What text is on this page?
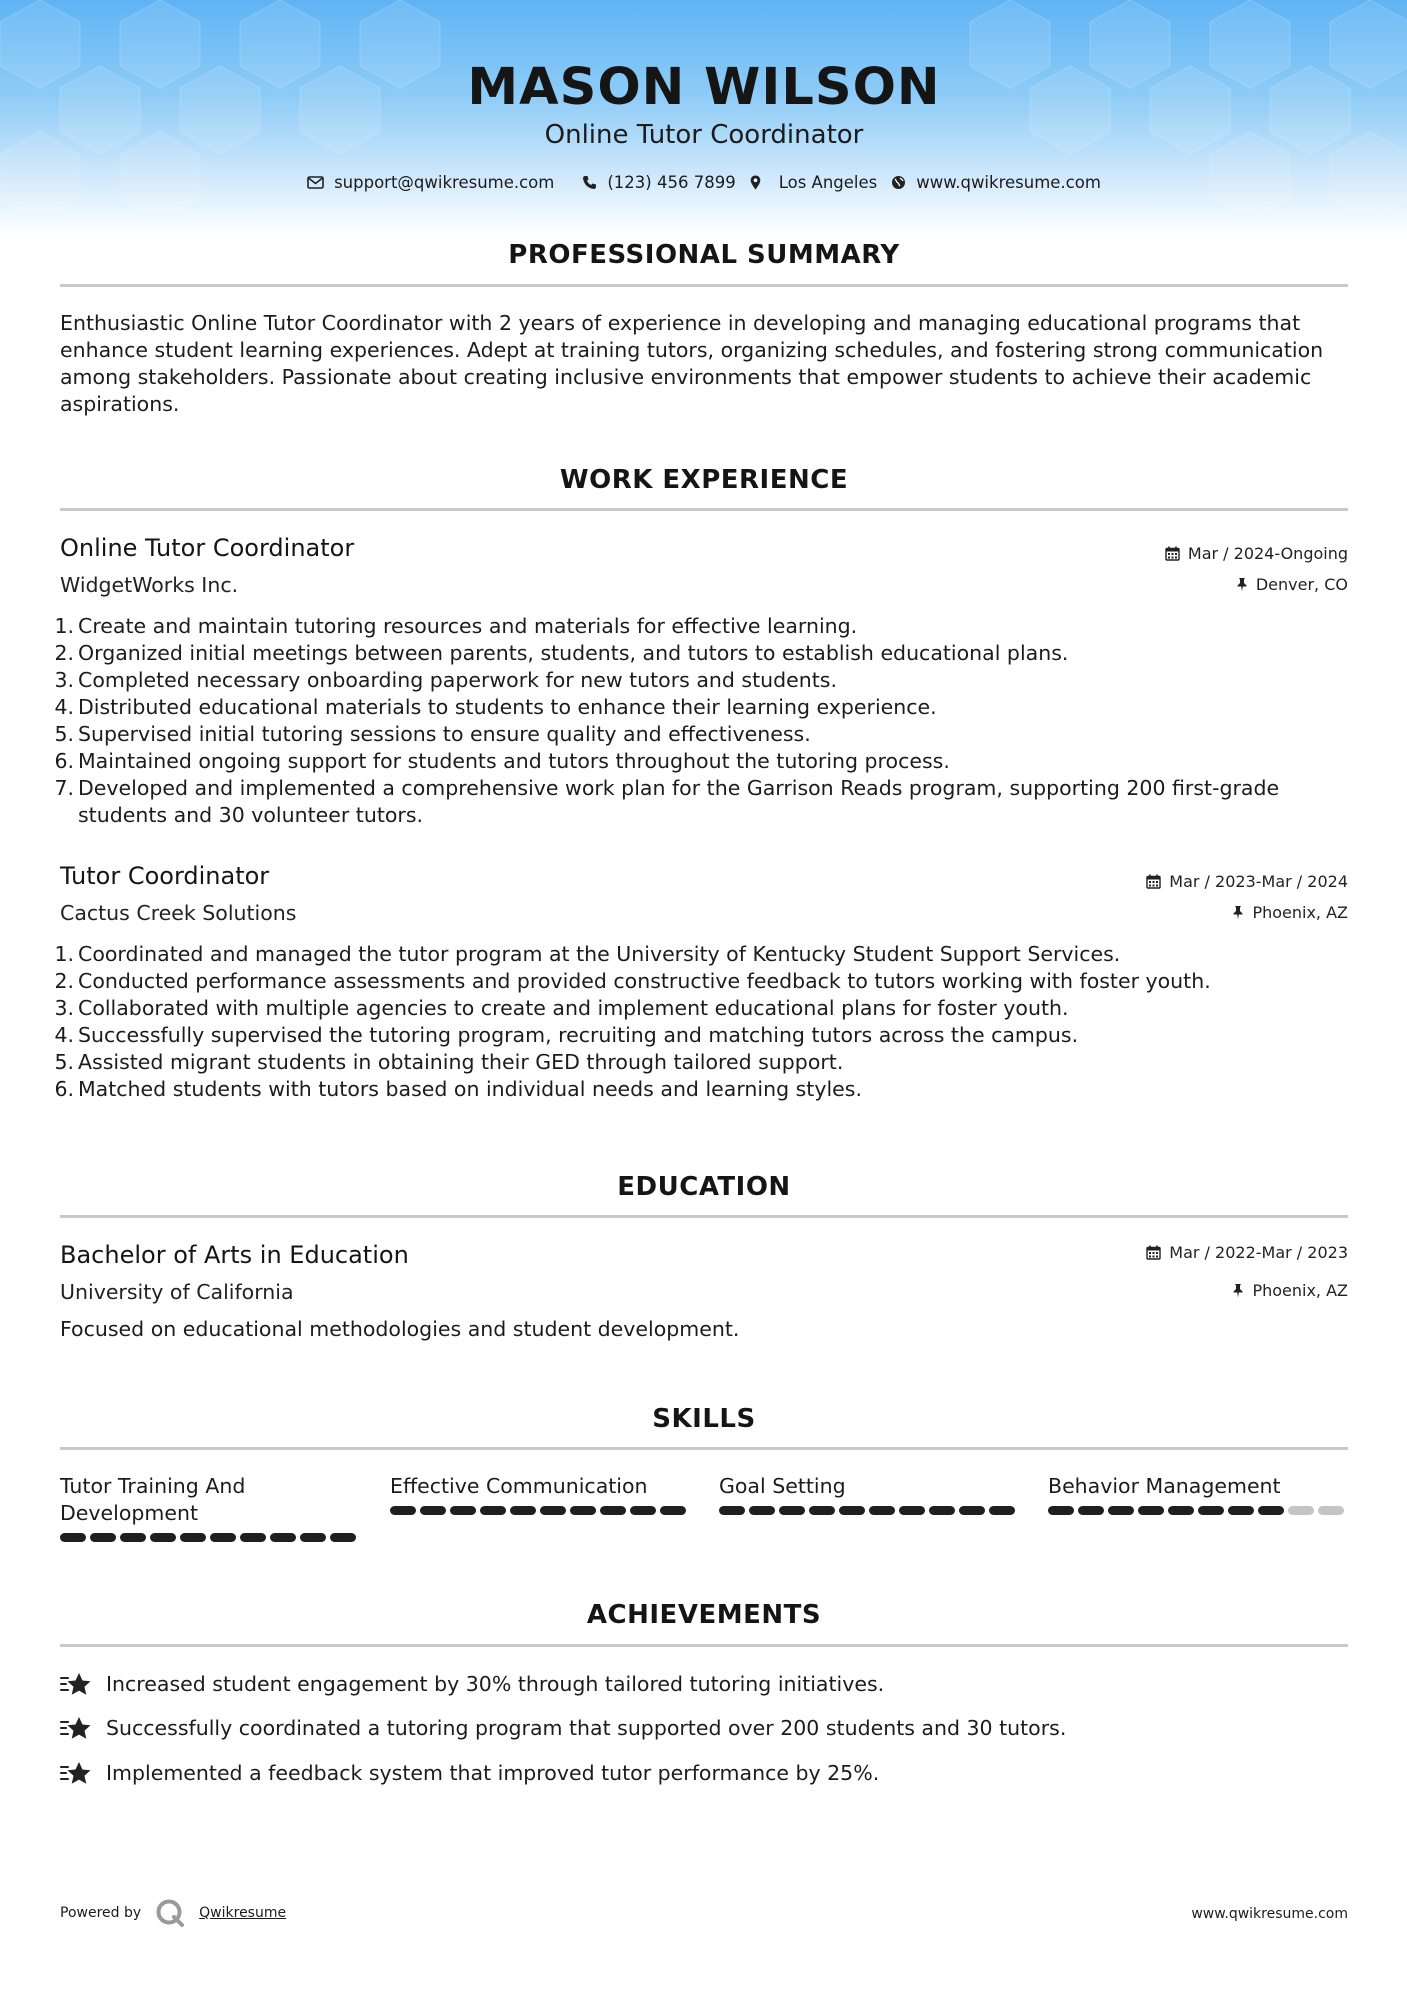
MASON WILSON
Online Tutor Coordinator
support@qwikresume.com	(123) 456 7899	Los Angeles www.qwikresume.com
PROFESSIONAL SUMMARY
Enthusiastic Online Tutor Coordinator with 2 years of experience in developing and managing educational programs that enhance student learning experiences. Adept at training tutors, organizing schedules, and fostering strong communication among stakeholders. Passionate about creating inclusive environments that empower students to achieve their academic aspirations.
WORK EXPERIENCE
Online Tutor Coordinator	Mar / 2024-Ongoing
WidgetWorks Inc.	Denver, CO
1. Create and maintain tutoring resources and materials for effective learning.
2. Organized initial meetings between parents, students, and tutors to establish educational plans.
3. Completed necessary onboarding paperwork for new tutors and students.
4. Distributed educational materials to students to enhance their learning experience.
5. Supervised initial tutoring sessions to ensure quality and effectiveness.
6. Maintained ongoing support for students and tutors throughout the tutoring process.
7. Developed and implemented a comprehensive work plan for the Garrison Reads program, supporting 200 first-grade students and 30 volunteer tutors.
Tutor Coordinator	Mar / 2023-Mar / 2024
Cactus Creek Solutions	Phoenix, AZ
1. Coordinated and managed the tutor program at the University of Kentucky Student Support Services.
2. Conducted performance assessments and provided constructive feedback to tutors working with foster youth.
3. Collaborated with multiple agencies to create and implement educational plans for foster youth.
4. Successfully supervised the tutoring program, recruiting and matching tutors across the campus.
5. Assisted migrant students in obtaining their GED through tailored support.
6. Matched students with tutors based on individual needs and learning styles.
EDUCATION
Bachelor of Arts in Education	Mar / 2022-Mar / 2023
University of California	Phoenix, AZ
Focused on educational methodologies and student development.
SKILLS
Tutor Training And Development
Effective Communication	Goal Setting	Behavior Management
ACHIEVEMENTS
Increased student engagement by 30% through tailored tutoring initiatives.
Successfully coordinated a tutoring program that supported over 200 students and 30 tutors.
Implemented a feedback system that improved tutor performance by 25%.
Powered by	Qwikresume	www.qwikresume.com
